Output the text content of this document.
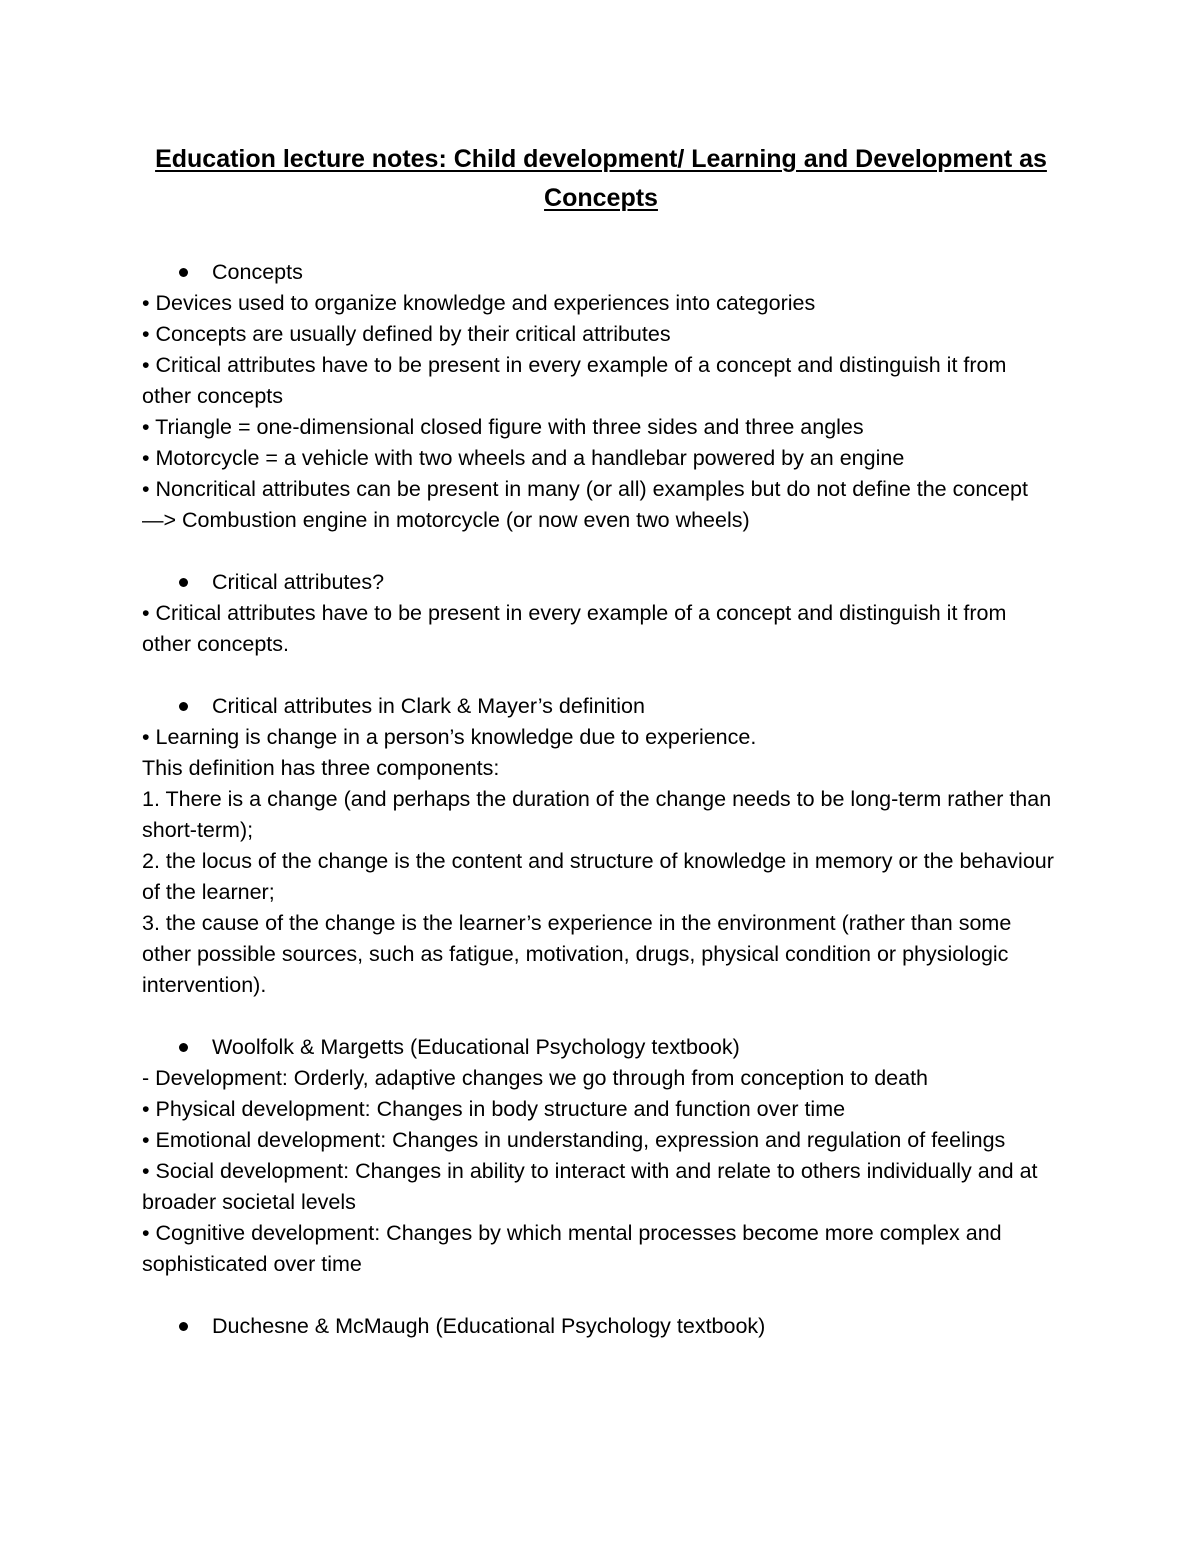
Education lecture notes: Child development/ Learning and Development as Concepts
Concepts

• Devices used to organize knowledge and experiences into categories

• Concepts are usually defined by their critical attributes

• Critical attributes have to be present in every example of a concept and distinguish it from other concepts

• Triangle = one-dimensional closed figure with three sides and three angles

• Motorcycle = a vehicle with two wheels and a handlebar powered by an engine

• Noncritical attributes can be present in many (or all) examples but do not define the concept

—> Combustion engine in motorcycle (or now even two wheels)

Critical attributes?

• Critical attributes have to be present in every example of a concept and distinguish it from other concepts.

Critical attributes in Clark & Mayer’s definition

• Learning is change in a person’s knowledge due to experience.

This definition has three components:

1. There is a change (and perhaps the duration of the change needs to be long-term rather than short-term);

2. the locus of the change is the content and structure of knowledge in memory or the behaviour of the learner;

3. the cause of the change is the learner’s experience in the environment (rather than some other possible sources, such as fatigue, motivation, drugs, physical condition or physiologic intervention).

Woolfolk & Margetts (Educational Psychology textbook)

- Development: Orderly, adaptive changes we go through from conception to death

• Physical development: Changes in body structure and function over time

• Emotional development: Changes in understanding, expression and regulation of feelings

• Social development: Changes in ability to interact with and relate to others individually and at broader societal levels

• Cognitive development: Changes by which mental processes become more complex and sophisticated over time

Duchesne & McMaugh (Educational Psychology textbook)
